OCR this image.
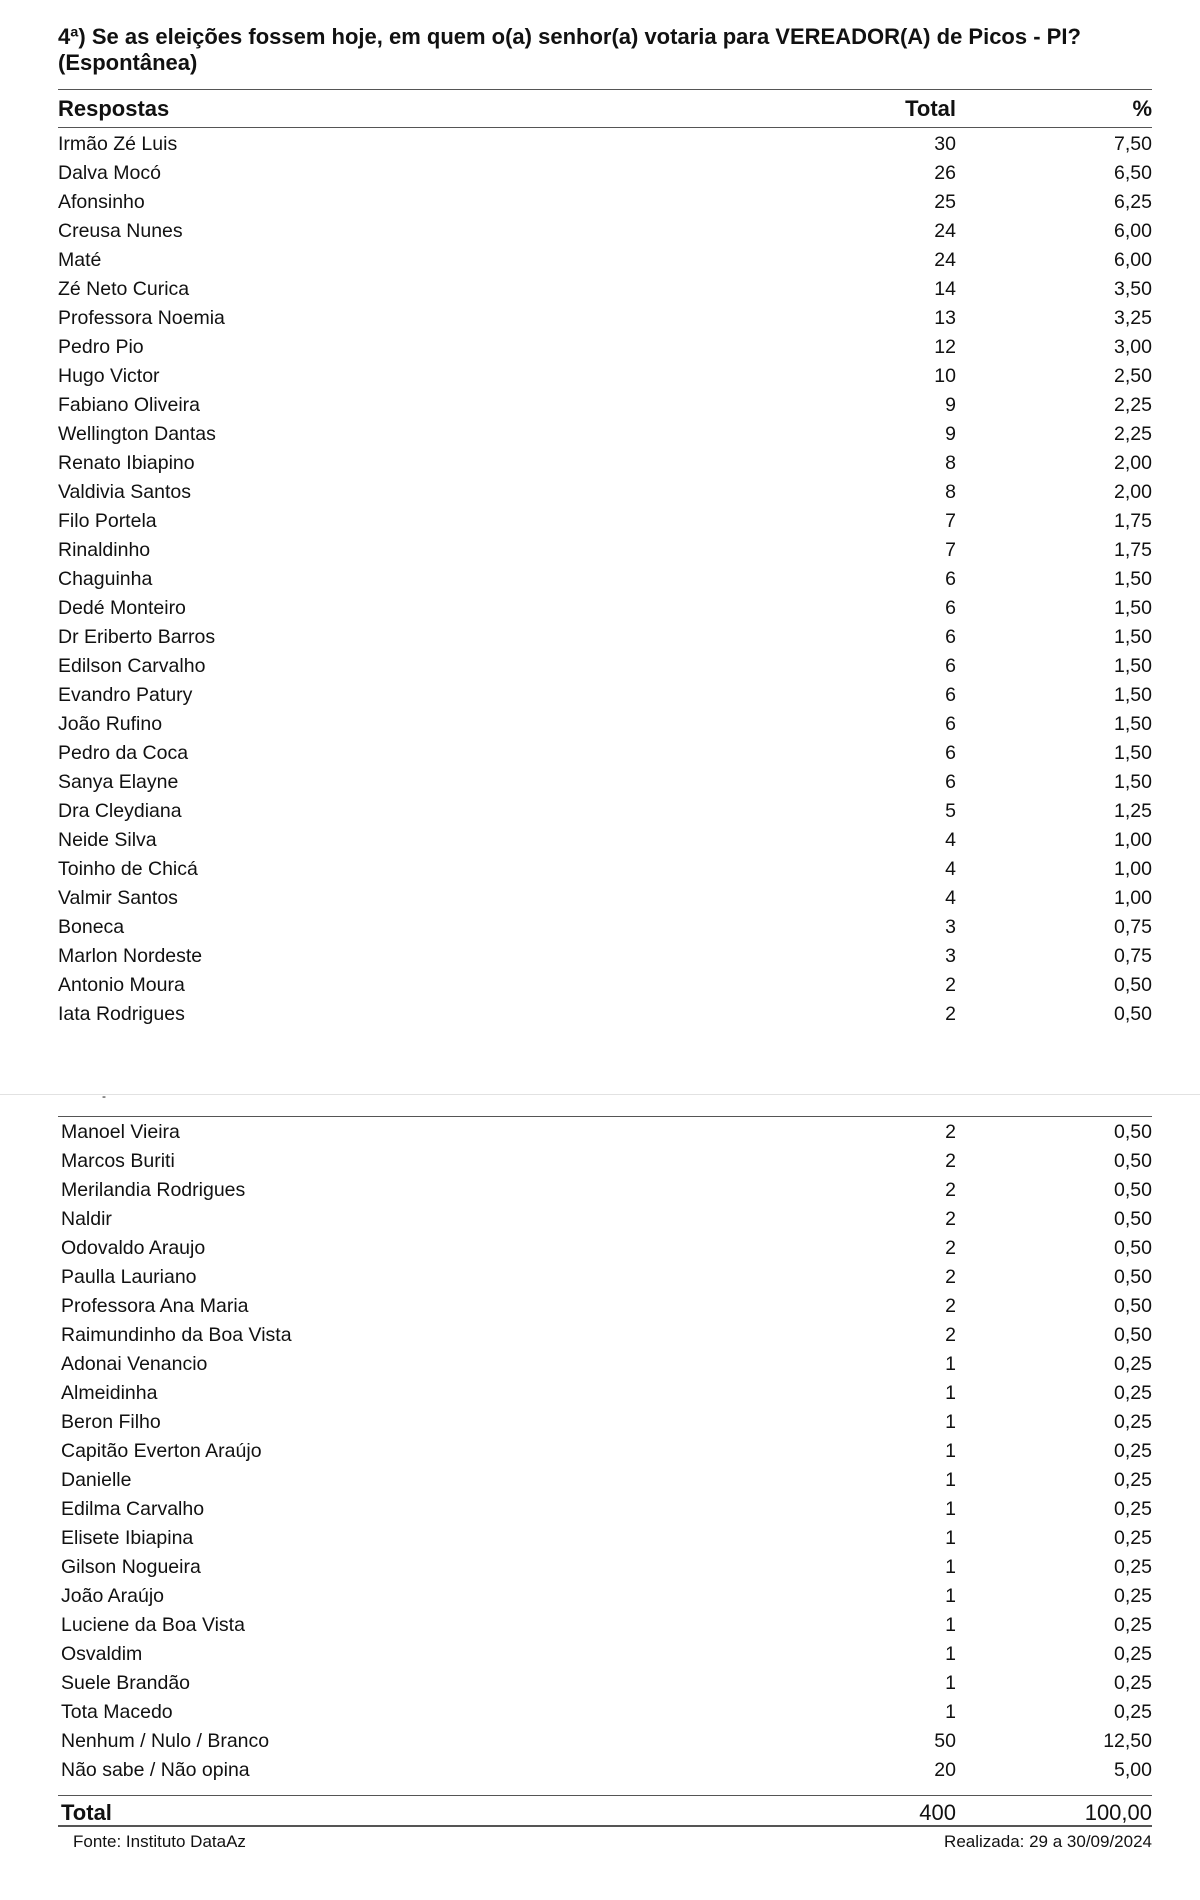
4ª) Se as eleições fossem hoje, em quem o(a) senhor(a) votaria para VEREADOR(A) de Picos - PI? (Espontânea)
Respostas	Total	%
Irmão Zé Luis	30	7,50
Dalva Mocó	26	6,50
Afonsinho	25	6,25
Creusa Nunes	24	6,00
Maté	24	6,00
Zé Neto Curica	14	3,50
Professora Noemia	13	3,25
Pedro Pio	12	3,00
Hugo Victor	10	2,50
Fabiano Oliveira	9	2,25
Wellington Dantas	9	2,25
Renato Ibiapino	8	2,00
Valdivia Santos	8	2,00
Filo Portela	7	1,75
Rinaldinho	7	1,75
Chaguinha	6	1,50
Dedé Monteiro	6	1,50
Dr Eriberto Barros	6	1,50
Edilson Carvalho	6	1,50
Evandro Patury	6	1,50
João Rufino	6	1,50
Pedro da Coca	6	1,50
Sanya Elayne	6	1,50
Dra Cleydiana	5	1,25
Neide Silva	4	1,00
Toinho de Chicá	4	1,00
Valmir Santos	4	1,00
Boneca	3	0,75
Marlon Nordeste	3	0,75
Antonio Moura	2	0,50
Iata Rodrigues	2	0,50
-
Manoel Vieira	2	0,50
Marcos Buriti	2	0,50
Merilandia Rodrigues	2	0,50
Naldir	2	0,50
Odovaldo Araujo	2	0,50
Paulla Lauriano	2	0,50
Professora Ana Maria	2	0,50
Raimundinho da Boa Vista	2	0,50
Adonai Venancio	1	0,25
Almeidinha	1	0,25
Beron Filho	1	0,25
Capitão Everton Araújo	1	0,25
Danielle	1	0,25
Edilma Carvalho	1	0,25
Elisete Ibiapina	1	0,25
Gilson Nogueira	1	0,25
João Araújo	1	0,25
Luciene da Boa Vista	1	0,25
Osvaldim	1	0,25
Suele Brandão	1	0,25
Tota Macedo	1	0,25
Nenhum / Nulo / Branco	50	12,50
Não sabe / Não opina	20	5,00
Total	400	100,00
Fonte: Instituto DataAz	Realizada: 29 a 30/09/2024
